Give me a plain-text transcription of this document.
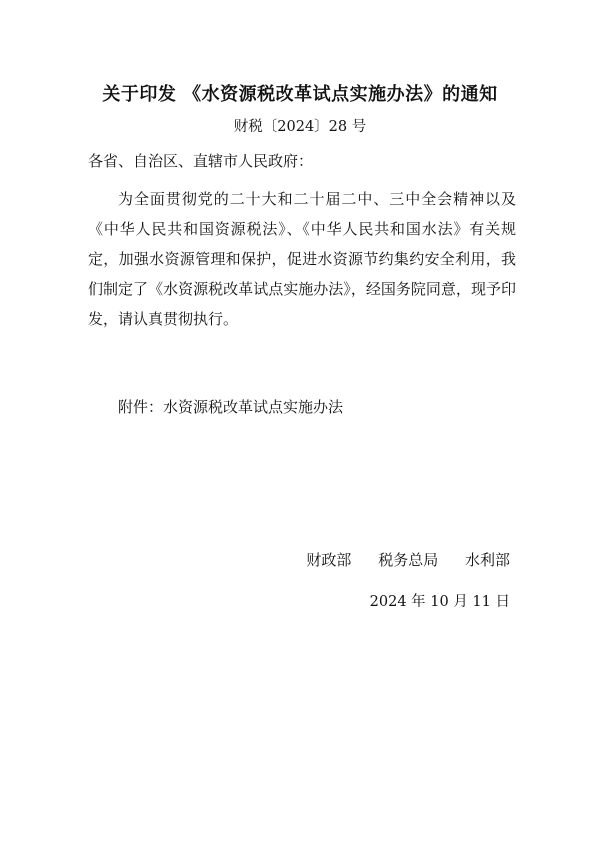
关于印发 《水资源税改革试点实施办法》的通知
财税〔2024〕28 号
各省、自治区、直辖市人民政府：

为全面贯彻党的二十大和二十届二中、三中全会精神以及《中华人民共和国资源税法》、《中华人民共和国水法》有关规定，加强水资源管理和保护，促进水资源节约集约安全利用，我们制定了《水资源税改革试点实施办法》，经国务院同意，现予印发，请认真贯彻执行。

附件：水资源税改革试点实施办法
财政部 税务总局 水利部
2024 年 10 月 11 日
